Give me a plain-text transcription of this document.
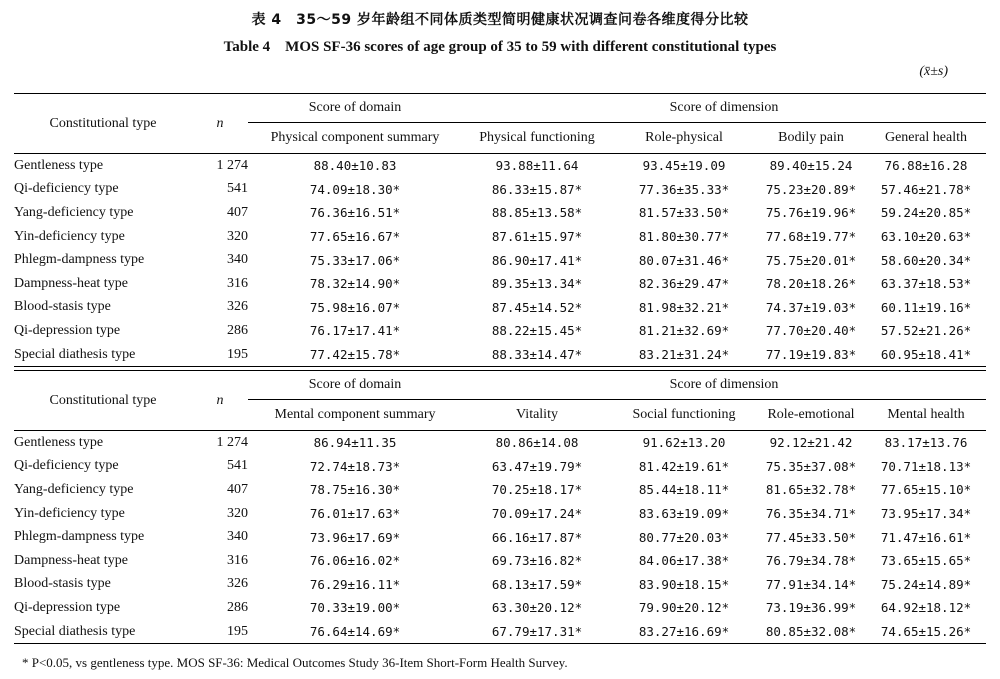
表 4　35～59 岁年龄组不同体质类型简明健康状况调查问卷各维度得分比较
Table 4　MOS SF-36 scores of age group of 35 to 59 with different constitutional types
(x̄±s)
Constitutional type	n	Score of domain	Score of dimension			
		Physical component summary	Physical functioning	Role-physical	Bodily pain	General health
Gentleness type	1 274	88.40±10.83	93.88±11.64	93.45±19.09	89.40±15.24	76.88±16.28
Qi-deficiency type	541	74.09±18.30*	86.33±15.87*	77.36±35.33*	75.23±20.89*	57.46±21.78*
Yang-deficiency type	407	76.36±16.51*	88.85±13.58*	81.57±33.50*	75.76±19.96*	59.24±20.85*
Yin-deficiency type	320	77.65±16.67*	87.61±15.97*	81.80±30.77*	77.68±19.77*	63.10±20.63*
Phlegm-dampness type	340	75.33±17.06*	86.90±17.41*	80.07±31.46*	75.75±20.01*	58.60±20.34*
Dampness-heat type	316	78.32±14.90*	89.35±13.34*	82.36±29.47*	78.20±18.26*	63.37±18.53*
Blood-stasis type	326	75.98±16.07*	87.45±14.52*	81.98±32.21*	74.37±19.03*	60.11±19.16*
Qi-depression type	286	76.17±17.41*	88.22±15.45*	81.21±32.69*	77.70±20.40*	57.52±21.26*
Special diathesis type	195	77.42±15.78*	88.33±14.47*	83.21±31.24*	77.19±19.83*	60.95±18.41*
Constitutional type	n	Score of domain	Score of dimension			
		Mental component summary	Vitality	Social functioning	Role-emotional	Mental health
Gentleness type	1 274	86.94±11.35	80.86±14.08	91.62±13.20	92.12±21.42	83.17±13.76
Qi-deficiency type	541	72.74±18.73*	63.47±19.79*	81.42±19.61*	75.35±37.08*	70.71±18.13*
Yang-deficiency type	407	78.75±16.30*	70.25±18.17*	85.44±18.11*	81.65±32.78*	77.65±15.10*
Yin-deficiency type	320	76.01±17.63*	70.09±17.24*	83.63±19.09*	76.35±34.71*	73.95±17.34*
Phlegm-dampness type	340	73.96±17.69*	66.16±17.87*	80.77±20.03*	77.45±33.50*	71.47±16.61*
Dampness-heat type	316	76.06±16.02*	69.73±16.82*	84.06±17.38*	76.79±34.78*	73.65±15.65*
Blood-stasis type	326	76.29±16.11*	68.13±17.59*	83.90±18.15*	77.91±34.14*	75.24±14.89*
Qi-depression type	286	70.33±19.00*	63.30±20.12*	79.90±20.12*	73.19±36.99*	64.92±18.12*
Special diathesis type	195	76.64±14.69*	67.79±17.31*	83.27±16.69*	80.85±32.08*	74.65±15.26*
* P<0.05, vs gentleness type. MOS SF-36: Medical Outcomes Study 36-Item Short-Form Health Survey.
